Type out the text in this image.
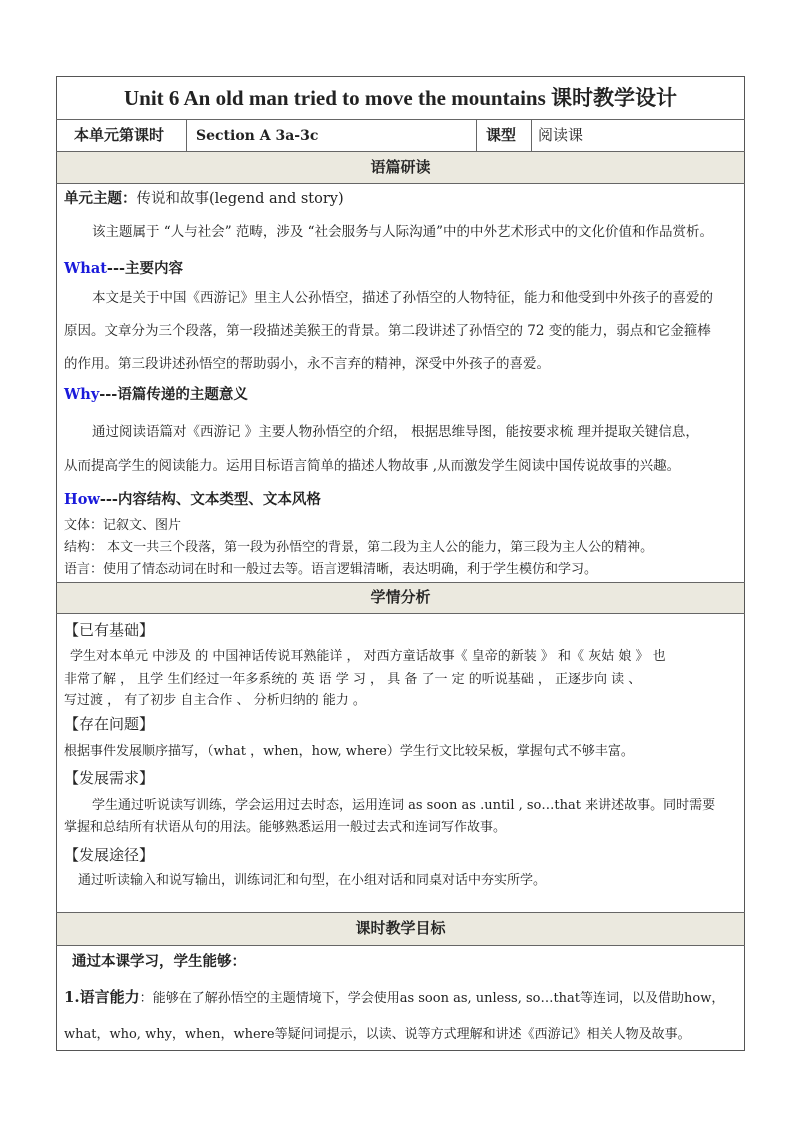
Unit 6 An old man tried to move the mountains 课时教学设计
本单元第课时 Section A 3a-3c	课型 阅读课
语篇研读
单元主题：传说和故事(legend and story)
该主题属于 “人与社会” 范畴，涉及 “社会服务与人际沟通”中的中外艺术形式中的文化价值和作品赏析。
What---主要内容
本文是关于中国《西游记》里主人公孙悟空，描述了孙悟空的人物特征，能力和他受到中外孩子的喜爱的
原因。文章分为三个段落，第一段描述美猴王的背景。第二段讲述了孙悟空的 72 变的能力，弱点和它金箍棒
的作用。第三段讲述孙悟空的帮助弱小，永不言弃的精神，深受中外孩子的喜爱。
Why---语篇传递的主题意义
通过阅读语篇对《西游记 》主要人物孙悟空的介绍， 根据思维导图，能按要求梳 理并提取关键信息，
从而提高学生的阅读能力。运用目标语言简单的描述人物故事 ,从而激发学生阅读中国传说故事的兴趣。
How---内容结构、文本类型、文本风格
文体：记叙文、图片
结构： 本文一共三个段落，第一段为孙悟空的背景，第二段为主人公的能力，第三段为主人公的精神。
语言：使用了情态动词在时和一般过去等。语言逻辑清晰，表达明确，利于学生模仿和学习。
学情分析
【已有基础】
学生对本单元 中涉及 的 中国神话传说耳熟能详 ， 对西方童话故事《 皇帝的新装 》 和《 灰姑 娘 》 也
非常了解 ， 且学 生们经过一年多系统的 英 语 学 习 ， 具 备 了一 定 的听说基础 ， 正逐步向 读 、
写过渡 ， 有了初步 自主合作 、 分析归纳的 能力 。
【存在问题】
根据事件发展顺序描写，（what ，when，how, where）学生行文比较呆板，掌握句式不够丰富。
【发展需求】
学生通过听说读写训练，学会运用过去时态，运用连词 as soon as .until , so…that 来讲述故事。同时需要
掌握和总结所有状语从句的用法。能够熟悉运用一般过去式和连词写作故事。
【发展途径】
通过听读输入和说写输出，训练词汇和句型，在小组对话和同桌对话中夯实所学。
课时教学目标
通过本课学习，学生能够：
1.语言能力：能够在了解孙悟空的主题情境下，学会使用as soon as, unless, so…that等连词，以及借助how，
what，who, why，when，where等疑问词提示，以读、说等方式理解和讲述《西游记》相关人物及故事。
